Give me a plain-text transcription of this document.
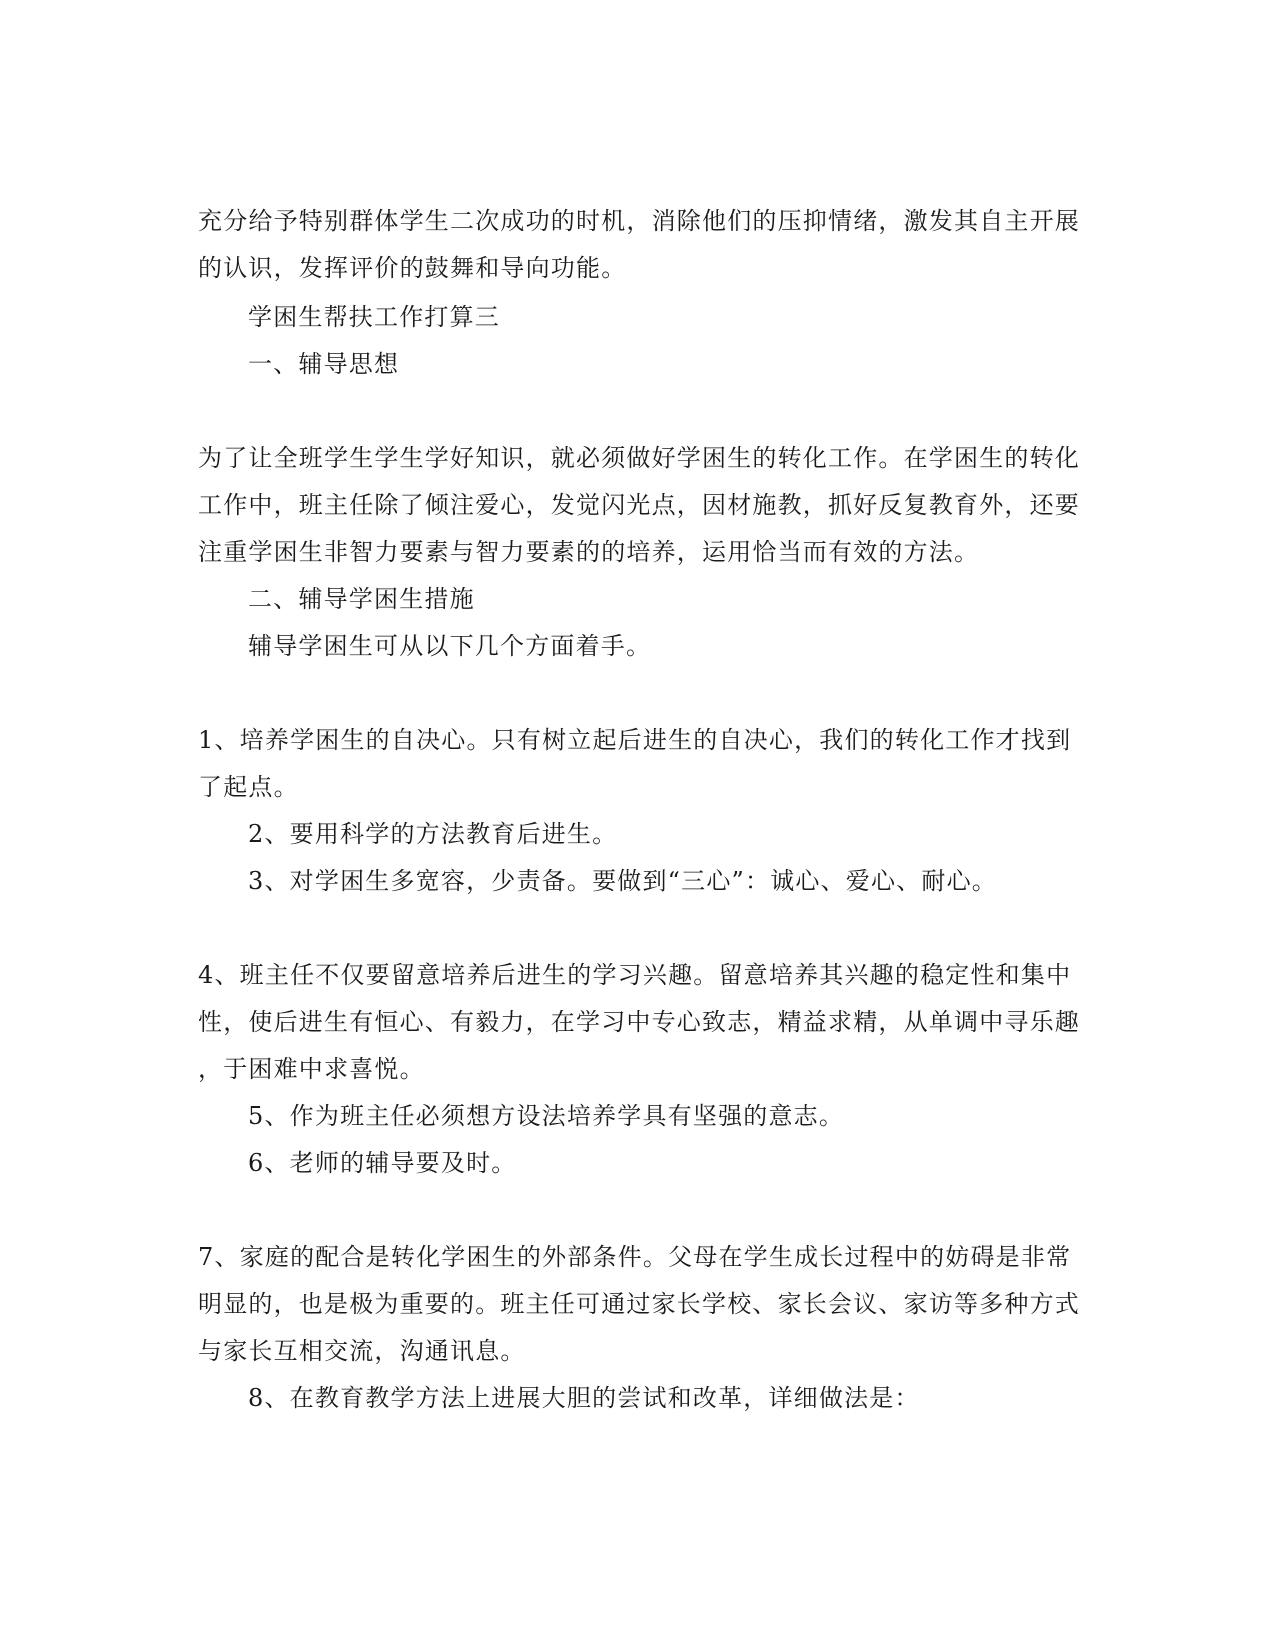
充分给予特别群体学生二次成功的时机，消除他们的压抑情绪，激发其自主开展
的认识，发挥评价的鼓舞和导向功能。
学困生帮扶工作打算三
一、辅导思想
为了让全班学生学生学好知识，就必须做好学困生的转化工作。在学困生的转化
工作中，班主任除了倾注爱心，发觉闪光点，因材施教，抓好反复教育外，还要
注重学困生非智力要素与智力要素的的培养，运用恰当而有效的方法。
二、辅导学困生措施
辅导学困生可从以下几个方面着手。
1、培养学困生的自决心。只有树立起后进生的自决心，我们的转化工作才找到
了起点。
2、要用科学的方法教育后进生。
3、对学困生多宽容，少责备。要做到“三心”：诚心、爱心、耐心。
4、班主任不仅要留意培养后进生的学习兴趣。留意培养其兴趣的稳定性和集中
性，使后进生有恒心、有毅力，在学习中专心致志，精益求精，从单调中寻乐趣
，于困难中求喜悦。
5、作为班主任必须想方设法培养学具有坚强的意志。
6、老师的辅导要及时。
7、家庭的配合是转化学困生的外部条件。父母在学生成长过程中的妨碍是非常
明显的，也是极为重要的。班主任可通过家长学校、家长会议、家访等多种方式
与家长互相交流，沟通讯息。
8、在教育教学方法上进展大胆的尝试和改革，详细做法是：
